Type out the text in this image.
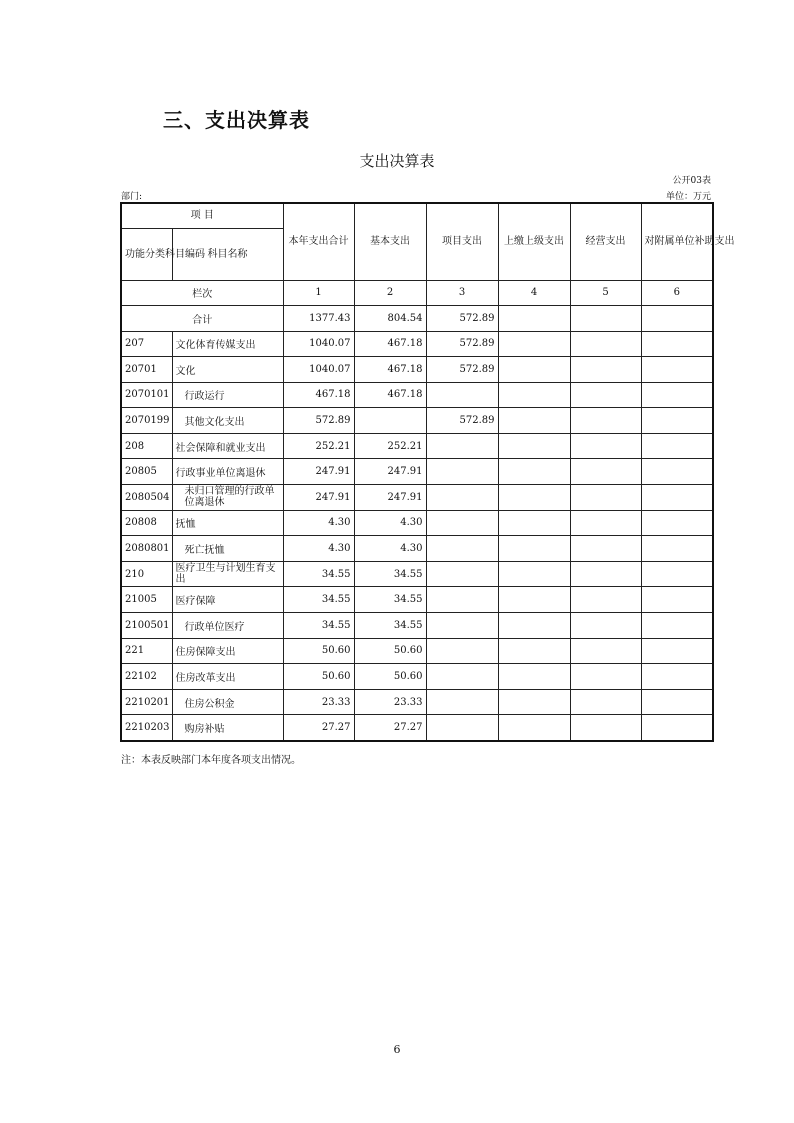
三、支出决算表
支出决算表
公开03表
部门:	单位：万元
项 目		本年支出合计	基本支出	项目支出	上缴上级支出	经营支出	对附属单位补助支出
功能分类科目编码	科目名称						
栏次		1	2	3	4	5	6
合计		1377.43	804.54	572.89			
207	文化体育传媒支出	1040.07	467.18	572.89			
20701	文化	1040.07	467.18	572.89			
2070101	行政运行	467.18	467.18				
2070199	其他文化支出	572.89		572.89			
208	社会保障和就业支出	252.21	252.21				
20805	行政事业单位离退休	247.91	247.91				
2080504	未归口管理的行政单位离退休	247.91	247.91				
20808	抚恤	4.30	4.30				
2080801	死亡抚恤	4.30	4.30				
210	医疗卫生与计划生育支出	34.55	34.55				
21005	医疗保障	34.55	34.55				
2100501	行政单位医疗	34.55	34.55				
221	住房保障支出	50.60	50.60				
22102	住房改革支出	50.60	50.60				
2210201	住房公积金	23.33	23.33				
2210203	购房补贴	27.27	27.27				
注：本表反映部门本年度各项支出情况。
6
